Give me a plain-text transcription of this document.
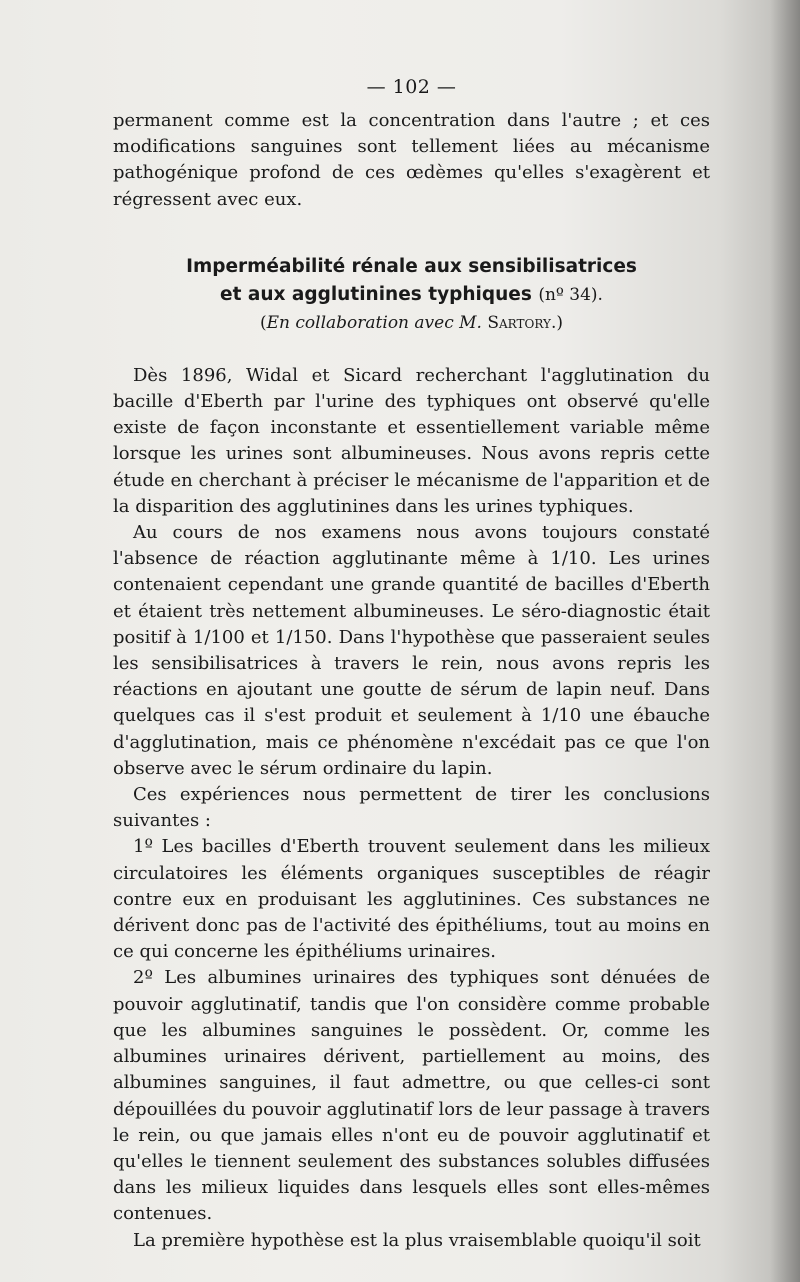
— 102 —

permanent comme est la concentration dans l'autre ; et ces modifications sanguines sont tellement liées au mécanisme pathogénique profond de ces œdèmes qu'elles s'exagèrent et régressent avec eux.

Imperméabilité rénale aux sensibilisatrices
et aux agglutinines typhiques (nº 34).
(En collaboration avec M. Sartory.)

Dès 1896, Widal et Sicard recherchant l'agglutination du bacille d'Eberth par l'urine des typhiques ont observé qu'elle existe de façon inconstante et essentiellement variable même lorsque les urines sont albumineuses. Nous avons repris cette étude en cherchant à préciser le mécanisme de l'apparition et de la disparition des agglutinines dans les urines typhiques.

Au cours de nos examens nous avons toujours constaté l'absence de réaction agglutinante même à 1/10. Les urines contenaient cependant une grande quantité de bacilles d'Eberth et étaient très nettement albumineuses. Le séro-diagnostic était positif à 1/100 et 1/150. Dans l'hypothèse que passeraient seules les sensibilisatrices à travers le rein, nous avons repris les réactions en ajoutant une goutte de sérum de lapin neuf. Dans quelques cas il s'est produit et seulement à 1/10 une ébauche d'agglutination, mais ce phénomène n'excédait pas ce que l'on observe avec le sérum ordinaire du lapin.

Ces expériences nous permettent de tirer les conclusions suivantes :

1º Les bacilles d'Eberth trouvent seulement dans les milieux circulatoires les éléments organiques susceptibles de réagir contre eux en produisant les agglutinines. Ces substances ne dérivent donc pas de l'activité des épithéliums, tout au moins en ce qui concerne les épithéliums urinaires.

2º Les albumines urinaires des typhiques sont dénuées de pouvoir agglutinatif, tandis que l'on considère comme probable que les albumines sanguines le possèdent. Or, comme les albumines urinaires dérivent, partiellement au moins, des albumines sanguines, il faut admettre, ou que celles-ci sont dépouillées du pouvoir agglutinatif lors de leur passage à travers le rein, ou que jamais elles n'ont eu de pouvoir agglutinatif et qu'elles le tiennent seulement des substances solubles diffusées dans les milieux liquides dans lesquels elles sont elles-mêmes contenues.

La première hypothèse est la plus vraisemblable quoiqu'il soit
